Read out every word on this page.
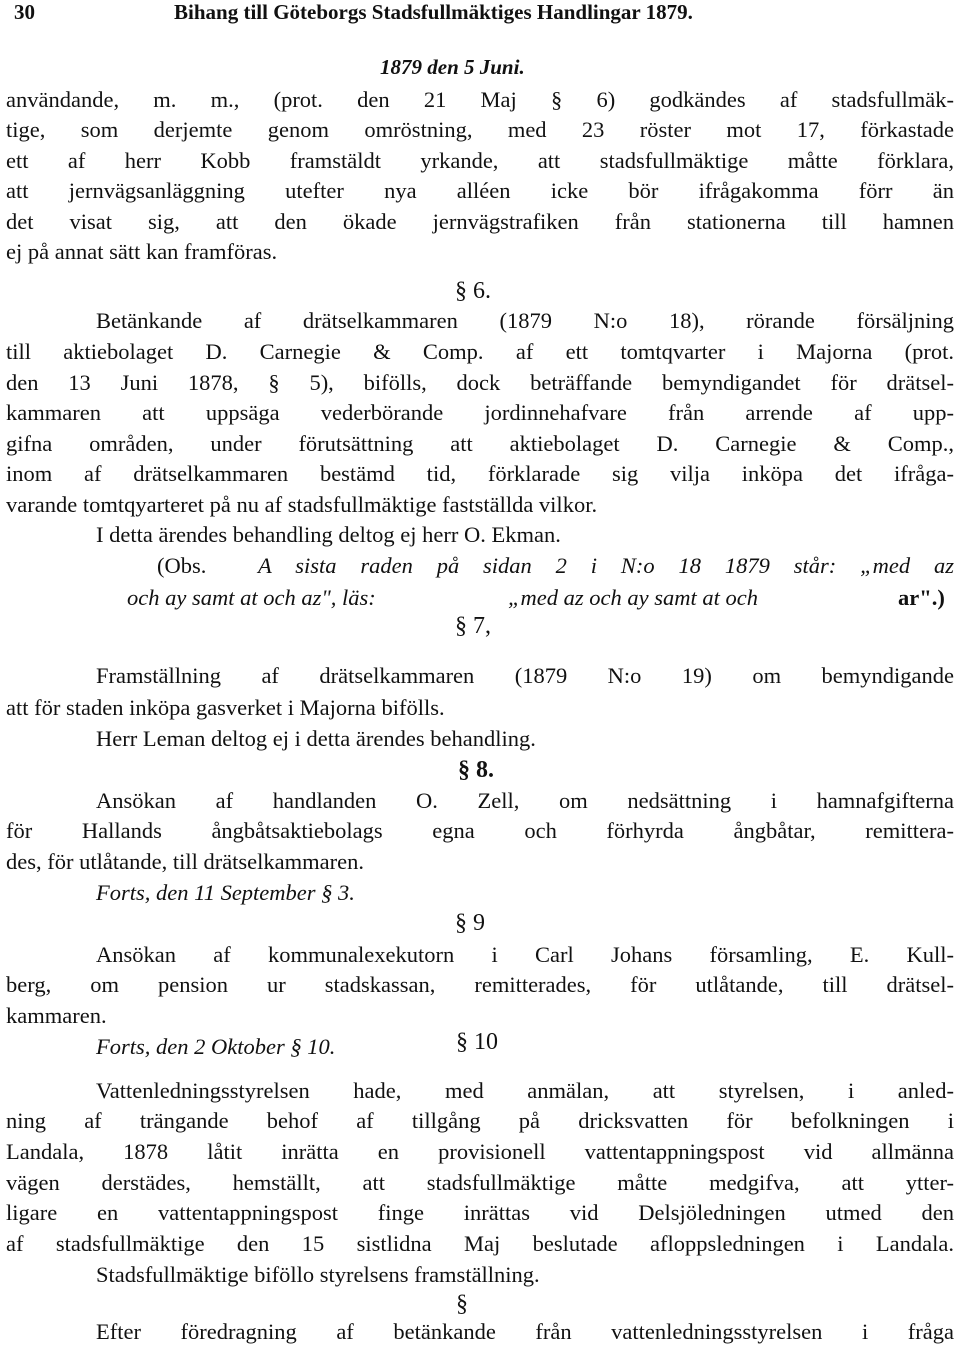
30	Bihang till Göteborgs Stadsfullmäktiges Handlingar 1879.
1879 den 5 Juni.
användande, m. m., (prot. den 21 Maj § 6) godkändes af stadsfullmäk-
tige, som derjemte genom omröstning, med 23 röster mot 17, förkastade
ett af herr Kobb framstäldt yrkande, att stadsfullmäktige måtte förklara,
att jernvägsanläggning utefter nya alléen icke bör ifrågakomma förr än
det visat sig, att den ökade jernvägstrafiken från stationerna till hamnen
ej på annat sätt kan framföras.
§ 6.
Betänkande af drätselkammaren (1879 N:o 18), rörande försäljning
till aktiebolaget D. Carnegie & Comp. af ett tomtqvarter i Majorna (prot.
den 13 Juni 1878, § 5), bifölls, dock beträffande bemyndigandet för drätsel-
kammaren att uppsäga vederbörande jordinnehafvare från arrende af upp-
gifna områden, under förutsättning att aktiebolaget D. Carnegie & Comp.,
inom af drätselkammaren bestämd tid, förklarade sig vilja inköpa det ifråga-
varande tomtqyarteret på nu af stadsfullmäktige fastställda vilkor.
I detta ärendes behandling deltog ej herr O. Ekman.
(Obs. A sista raden på sidan 2 i N:o 18 1879 står: „med az
och ay samt at och az", läs:	„med az och ay samt at och	ar".)
§ 7,
Framställning af drätselkammaren (1879 N:o 19) om bemyndigande
att för staden inköpa gasverket i Majorna bifölls.
Herr Leman deltog ej i detta ärendes behandling.
§ 8.
Ansökan af handlanden O. Zell, om nedsättning i hamnafgifterna
för Hallands ångbåtsaktiebolags egna och förhyrda ångbåtar, remittera-
des, för utlåtande, till drätselkammaren.
Forts, den 11 September § 3.
§ 9
Ansökan af kommunalexekutorn i Carl Johans församling, E. Kull-
berg, om pension ur stadskassan, remitterades, för utlåtande, till drätsel-
kammaren.
Forts, den 2 Oktober § 10.	§ 10
Vattenledningsstyrelsen hade, med anmälan, att styrelsen, i anled-
ning af trängande behof af tillgång på dricksvatten för befolkningen i
Landala, 1878 låtit inrätta en provisionell vattentappningspost vid allmänna
vägen derstädes, hemställt, att stadsfullmäktige måtte medgifva, att ytter-
ligare en vattentappningspost finge inrättas vid Delsjöledningen utmed den
af stadsfullmäktige den 15 sistlidna Maj beslutade afloppsledningen i Landala.
Stadsfullmäktige biföllo styrelsens framställning.
§
Efter föredragning af betänkande från vattenledningsstyrelsen i fråga
